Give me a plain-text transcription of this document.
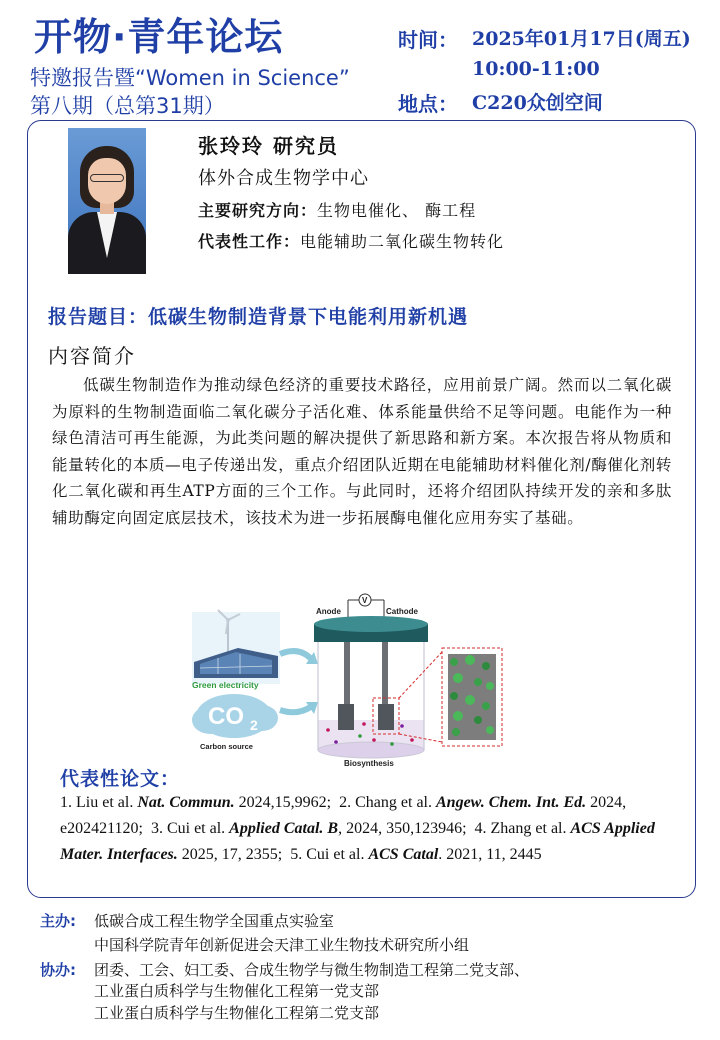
开物·青年论坛
特邀报告暨“Women in Science”
第八期（总第31期）
时间： 2025年01月17日(周五)
10:00-11:00
地点： C220众创空间
张玲玲 研究员
体外合成生物学中心
主要研究方向：生物电催化、 酶工程
代表性工作：电能辅助二氧化碳生物转化
报告题目：低碳生物制造背景下电能利用新机遇
内容简介
低碳生物制造作为推动绿色经济的重要技术路径，应用前景广阔。然而以二氧化碳为原料的生物制造面临二氧化碳分子活化难、体系能量供给不足等问题。电能作为一种绿色清洁可再生能源，为此类问题的解决提供了新思路和新方案。本次报告将从物质和能量转化的本质—电子传递出发，重点介绍团队近期在电能辅助材料催化剂/酶催化剂转化二氧化碳和再生ATP方面的三个工作。与此同时，还将介绍团队持续开发的亲和多肽辅助酶定向固定底层技术，该技术为进一步拓展酶电催化应用夯实了基础。
Green electricity
CO 2
Carbon source
Anode	Cathode
V
Biosynthesis
代表性论文：
1. Liu et al. Nat. Commun. 2024,15,9962; 2. Chang et al. Angew. Chem. Int. Ed. 2024, e202421120; 3. Cui et al. Applied Catal. B, 2024, 350,123946; 4. Zhang et al. ACS Applied Mater. Interfaces. 2025, 17, 2355; 5. Cui et al. ACS Catal. 2021, 11, 2445
主办: 低碳合成工程生物学全国重点实验室
中国科学院青年创新促进会天津工业生物技术研究所小组
协办: 团委、工会、妇工委、合成生物学与微生物制造工程第二党支部、
工业蛋白质科学与生物催化工程第一党支部
工业蛋白质科学与生物催化工程第二党支部
